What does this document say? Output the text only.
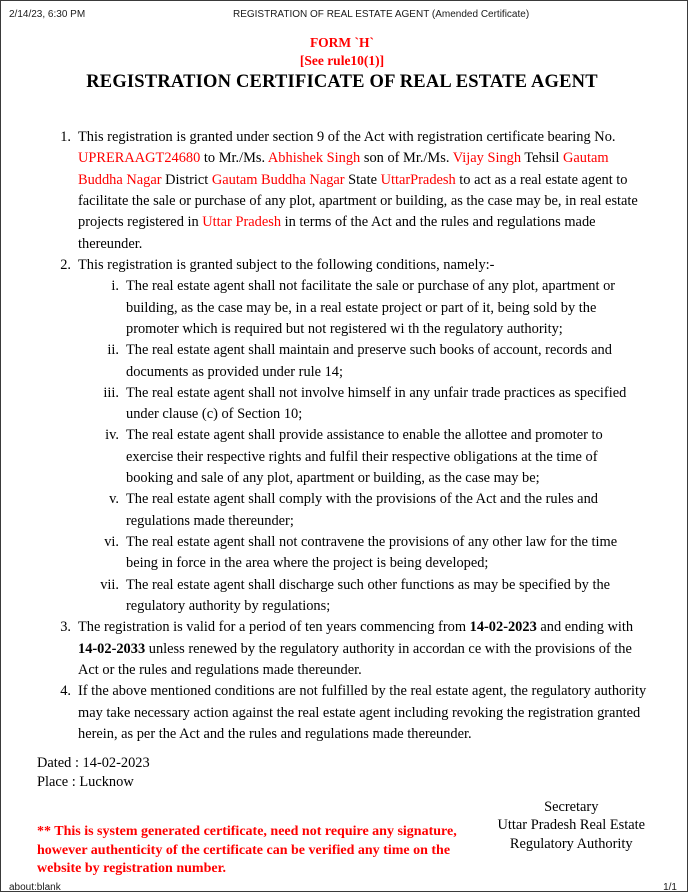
2/14/23, 6:30 PM	REGISTRATION OF REAL ESTATE AGENT (Amended Certificate)
FORM `H`
[See rule10(1)]
REGISTRATION CERTIFICATE OF REAL ESTATE AGENT
1. This registration is granted under section 9 of the Act with registration certificate bearing No. UPRERAAGT24680 to Mr./Ms. Abhishek Singh son of Mr./Ms. Vijay Singh Tehsil Gautam Buddha Nagar District Gautam Buddha Nagar State UttarPradesh to act as a real estate agent to facilitate the sale or purchase of any plot, apartment or building, as the case may be, in real estate projects registered in Uttar Pradesh in terms of the Act and the rules and regulations made thereunder.
2. This registration is granted subject to the following conditions, namely:-
i. The real estate agent shall not facilitate the sale or purchase of any plot, apartment or building, as the case may be, in a real estate project or part of it, being sold by the promoter which is required but not registered wi th the regulatory authority;
ii. The real estate agent shall maintain and preserve such books of account, records and documents as provided under rule 14;
iii. The real estate agent shall not involve himself in any unfair trade practices as specified under clause (c) of Section 10;
iv. The real estate agent shall provide assistance to enable the allottee and promoter to exercise their respective rights and fulfil their respective obligations at the time of booking and sale of any plot, apartment or building, as the case may be;
v. The real estate agent shall comply with the provisions of the Act and the rules and regulations made thereunder;
vi. The real estate agent shall not contravene the provisions of any other law for the time being in force in the area where the project is being developed;
vii. The real estate agent shall discharge such other functions as may be specified by the regulatory authority by regulations;
3. The registration is valid for a period of ten years commencing from 14-02-2023 and ending with 14-02-2033 unless renewed by the regulatory authority in accordan ce with the provisions of the Act or the rules and regulations made thereunder.
4. If the above mentioned conditions are not fulfilled by the real estate agent, the regulatory authority may take necessary action against the real estate agent including revoking the registration granted herein, as per the Act and the rules and regulations made thereunder.
Dated : 14-02-2023
Place : Lucknow
** This is system generated certificate, need not require any signature, however authenticity of the certificate can be verified any time on the website by registration number.
Secretary
Uttar Pradesh Real Estate
Regulatory Authority
about:blank	1/1
